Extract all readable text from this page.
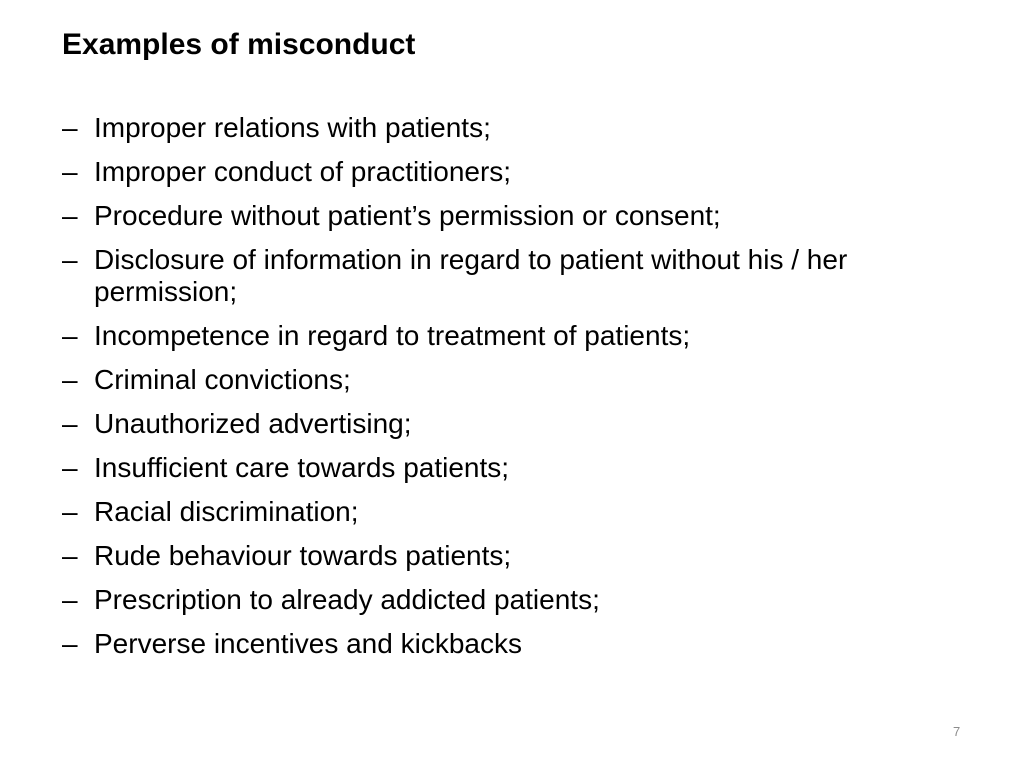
Examples of misconduct
– Improper relations with patients;
– Improper conduct of practitioners;
– Procedure without patient’s permission or consent;
– Disclosure of information in regard to patient without his / her permission;
– Incompetence in regard to treatment of patients;
– Criminal convictions;
– Unauthorized advertising;
– Insufficient care towards patients;
– Racial discrimination;
– Rude behaviour towards patients;
– Prescription to already addicted patients;
– Perverse incentives and kickbacks
7
